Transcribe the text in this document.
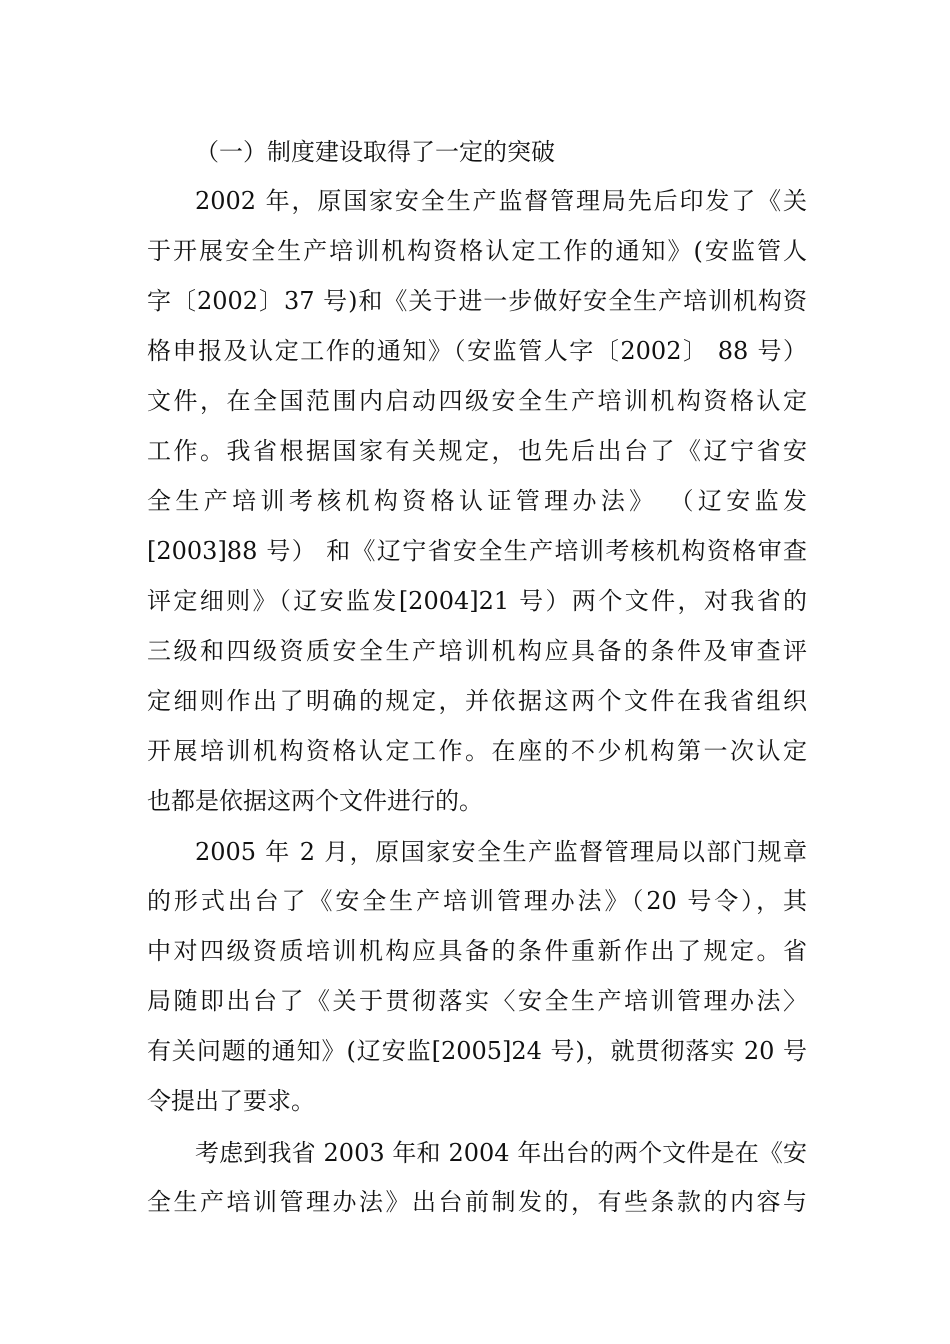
（一）制度建设取得了一定的突破
2002 年，原国家安全生产监督管理局先后印发了《关
于开展安全生产培训机构资格认定工作的通知》(安监管人
字〔2002〕37 号)和《关于进一步做好安全生产培训机构资
格申报及认定工作的通知》（安监管人字〔2002〕 88 号）
文件，在全国范围内启动四级安全生产培训机构资格认定
工作。我省根据国家有关规定，也先后出台了《辽宁省安
全生产培训考核机构资格认证管理办法》 （辽安监发
[2003]88 号） 和《辽宁省安全生产培训考核机构资格审查
评定细则》（辽安监发[2004]21 号）两个文件，对我省的
三级和四级资质安全生产培训机构应具备的条件及审查评
定细则作出了明确的规定，并依据这两个文件在我省组织
开展培训机构资格认定工作。在座的不少机构第一次认定
也都是依据这两个文件进行的。
2005 年 2 月，原国家安全生产监督管理局以部门规章
的形式出台了《安全生产培训管理办法》（20 号令），其
中对四级资质培训机构应具备的条件重新作出了规定。省
局随即出台了《关于贯彻落实〈安全生产培训管理办法〉
有关问题的通知》(辽安监[2005]24 号)，就贯彻落实 20 号
令提出了要求。
考虑到我省 2003 年和 2004 年出台的两个文件是在《安
全生产培训管理办法》出台前制发的，有些条款的内容与
